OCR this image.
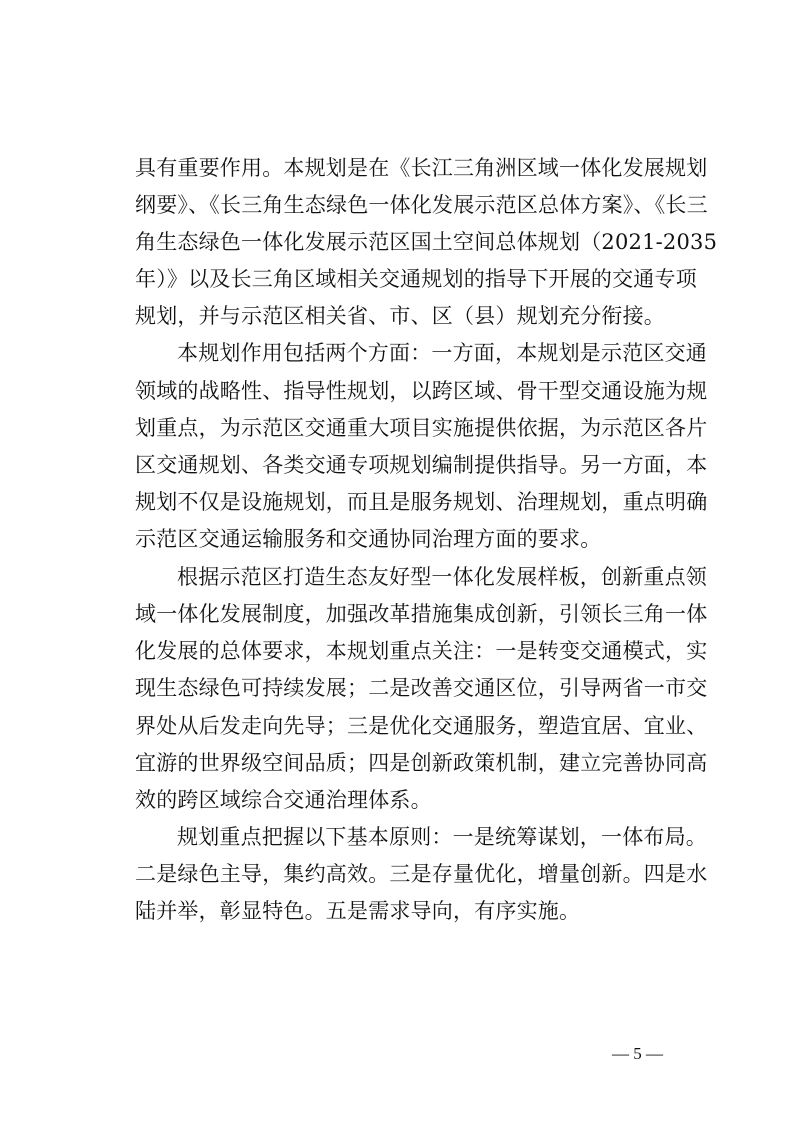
具有重要作用。本规划是在《长江三角洲区域一体化发展规划
纲要》、《长三角生态绿色一体化发展示范区总体方案》、《长三
角生态绿色一体化发展示范区国土空间总体规划（2021-2035
年）》以及长三角区域相关交通规划的指导下开展的交通专项
规划，并与示范区相关省、市、区（县）规划充分衔接。
本规划作用包括两个方面：一方面，本规划是示范区交通
领域的战略性、指导性规划，以跨区域、骨干型交通设施为规
划重点，为示范区交通重大项目实施提供依据，为示范区各片
区交通规划、各类交通专项规划编制提供指导。另一方面，本
规划不仅是设施规划，而且是服务规划、治理规划，重点明确
示范区交通运输服务和交通协同治理方面的要求。
根据示范区打造生态友好型一体化发展样板，创新重点领
域一体化发展制度，加强改革措施集成创新，引领长三角一体
化发展的总体要求，本规划重点关注：一是转变交通模式，实
现生态绿色可持续发展；二是改善交通区位，引导两省一市交
界处从后发走向先导；三是优化交通服务，塑造宜居、宜业、
宜游的世界级空间品质；四是创新政策机制，建立完善协同高
效的跨区域综合交通治理体系。
规划重点把握以下基本原则：一是统筹谋划，一体布局。
二是绿色主导，集约高效。三是存量优化，增量创新。四是水
陆并举，彰显特色。五是需求导向，有序实施。
— 5 —
